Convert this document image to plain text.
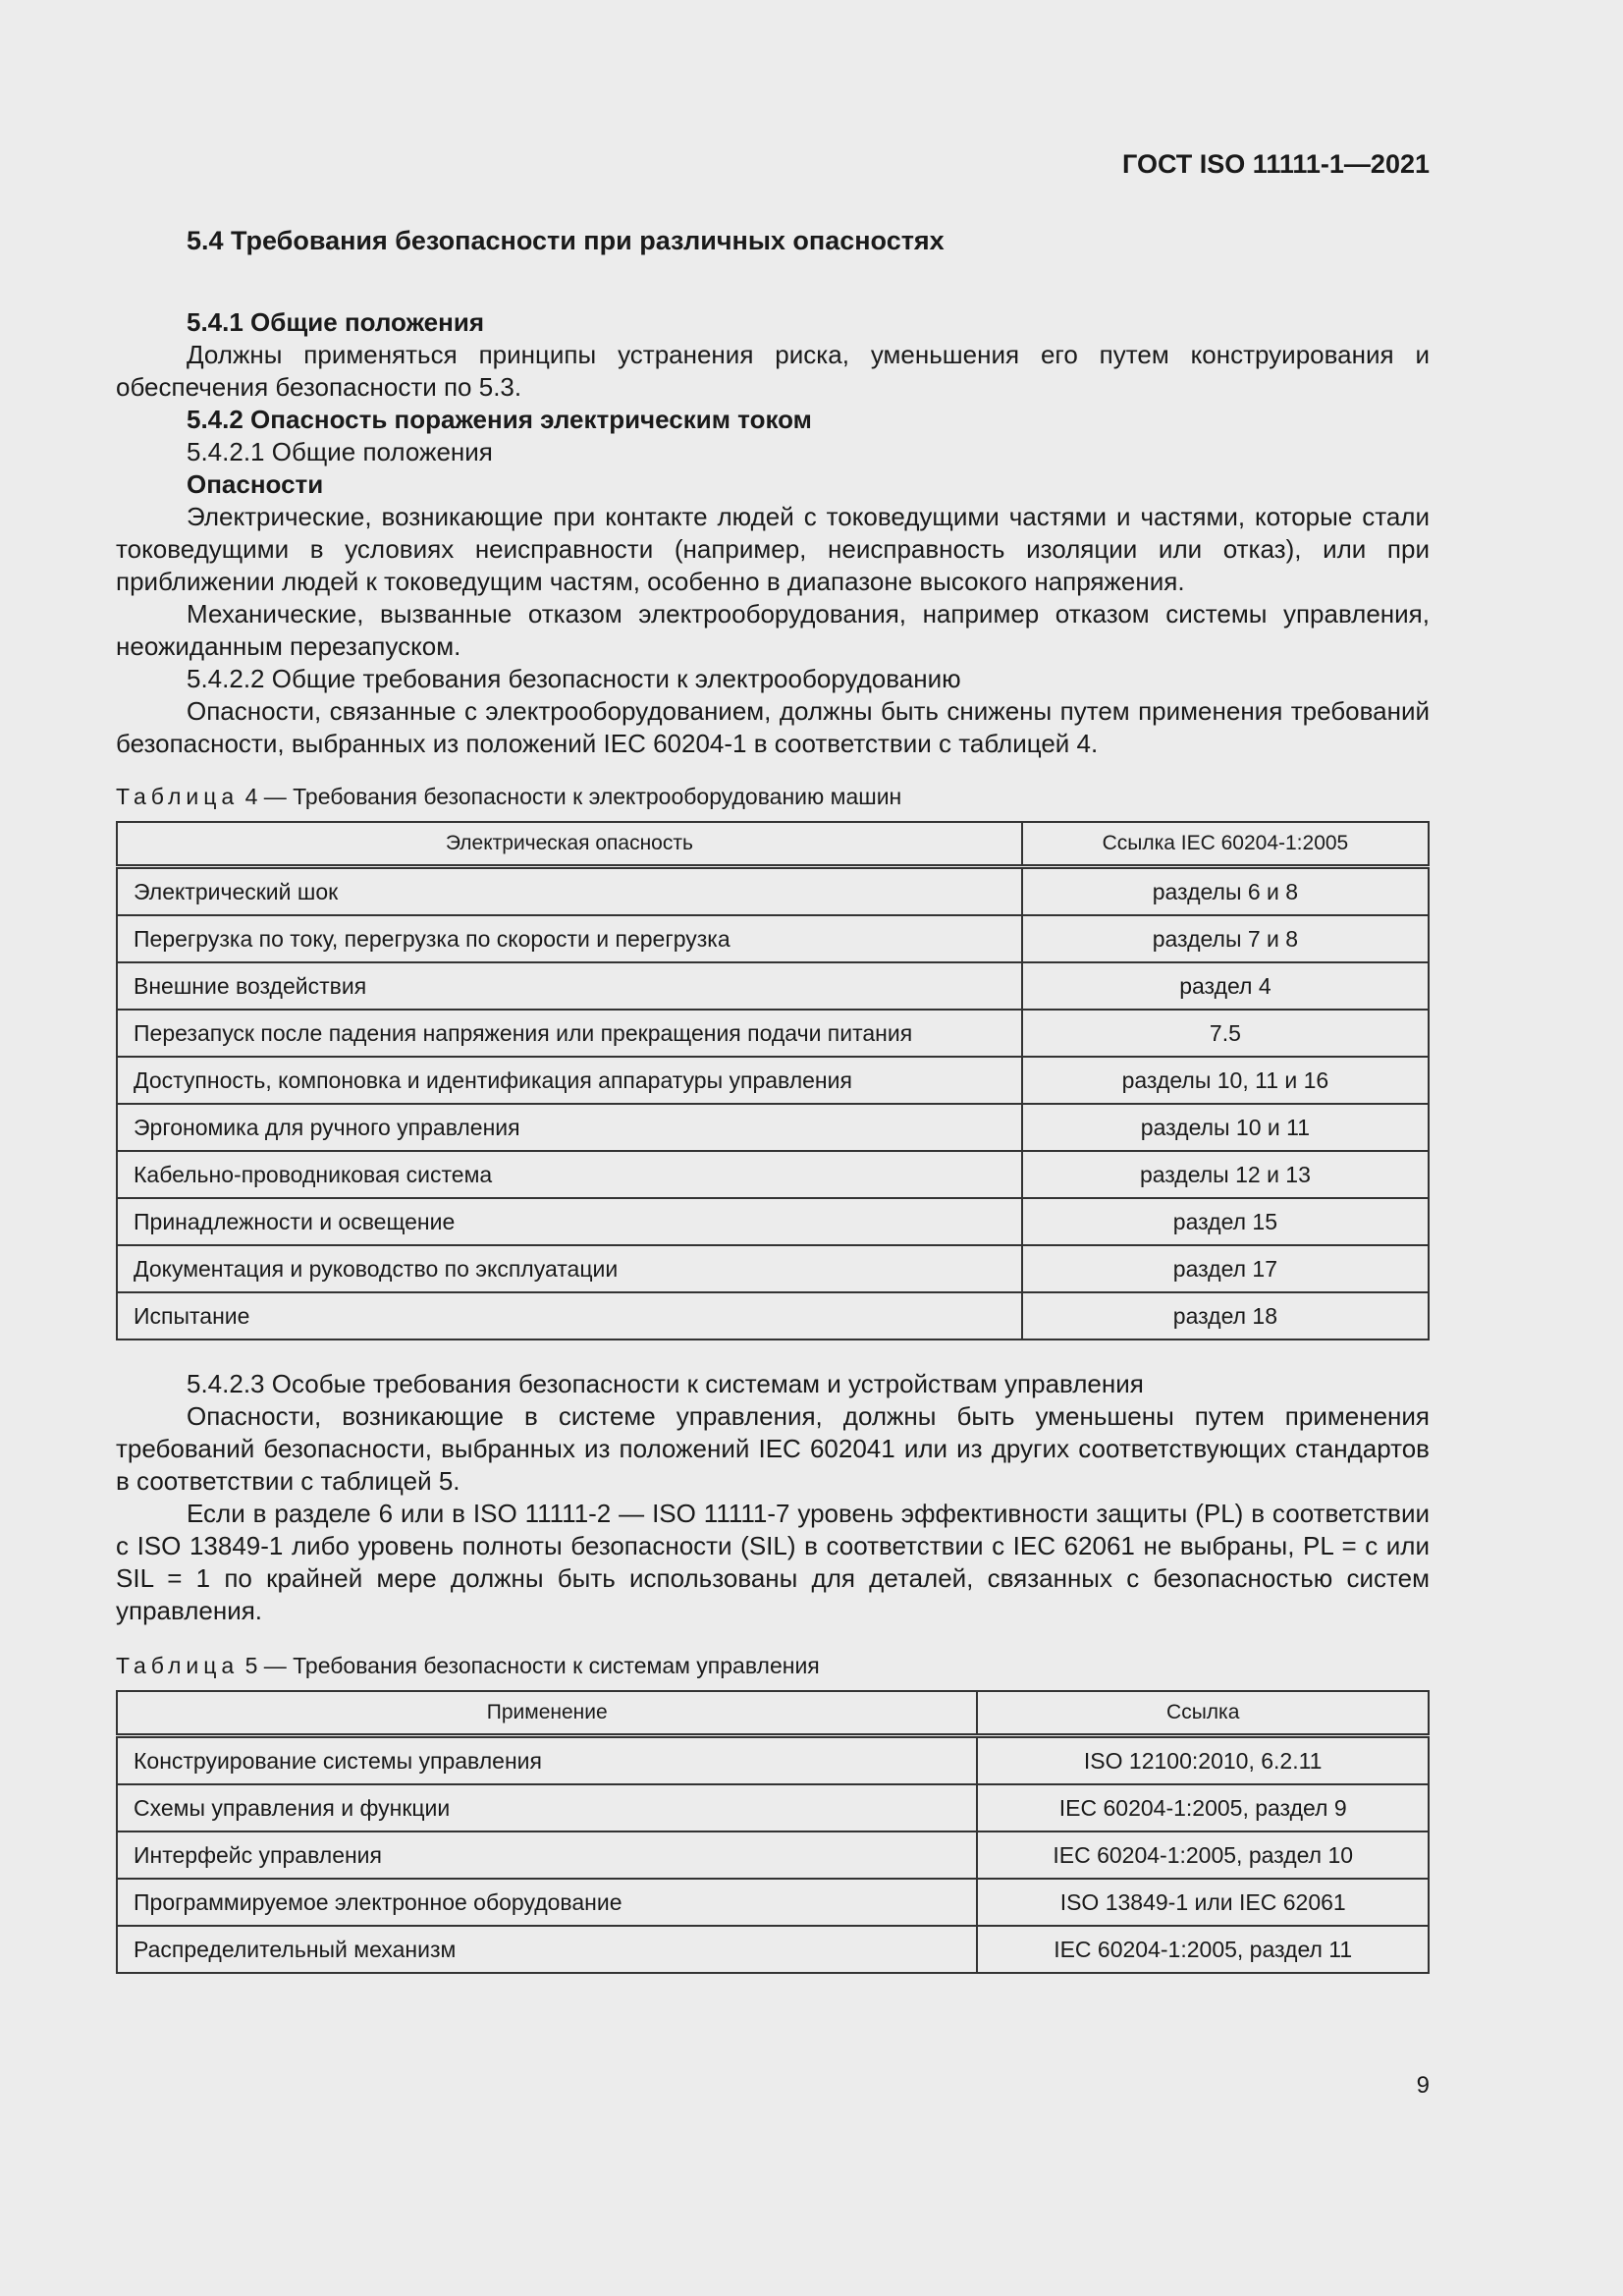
ГОСТ ISO 11111-1—2021
5.4 Требования безопасности при различных опасностях

5.4.1 Общие положения

Должны применяться принципы устранения риска, уменьшения его путем конструирования и обеспечения безопасности по 5.3.

5.4.2 Опасность поражения электрическим током

5.4.2.1 Общие положения

Опасности

Электрические, возникающие при контакте людей с токоведущими частями и частями, которые стали токоведущими в условиях неисправности (например, неисправность изоляции или отказ), или при приближении людей к токоведущим частям, особенно в диапазоне высокого напряжения.

Механические, вызванные отказом электрооборудования, например отказом системы управления, неожиданным перезапуском.

5.4.2.2 Общие требования безопасности к электрооборудованию

Опасности, связанные с электрооборудованием, должны быть снижены путем применения требований безопасности, выбранных из положений IEC 60204-1 в соответствии с таблицей 4.

Таблица 4 — Требования безопасности к электрооборудованию машин

Электрическая опасность	Ссылка IEC 60204-1:2005
Электрический шок	разделы 6 и 8
Перегрузка по току, перегрузка по скорости и перегрузка	разделы 7 и 8
Внешние воздействия	раздел 4
Перезапуск после падения напряжения или прекращения подачи питания	7.5
Доступность, компоновка и идентификация аппаратуры управления	разделы 10, 11 и 16
Эргономика для ручного управления	разделы 10 и 11
Кабельно-проводниковая система	разделы 12 и 13
Принадлежности и освещение	раздел 15
Документация и руководство по эксплуатации	раздел 17
Испытание	раздел 18

5.4.2.3 Особые требования безопасности к системам и устройствам управления

Опасности, возникающие в системе управления, должны быть уменьшены путем применения требований безопасности, выбранных из положений IEC 602041 или из других соответствующих стандартов в соответствии с таблицей 5.

Если в разделе 6 или в ISO 11111-2 — ISO 11111-7 уровень эффективности защиты (PL) в соответствии с ISO 13849-1 либо уровень полноты безопасности (SIL) в соответствии с IEC 62061 не выбраны, PL = c или SIL = 1 по крайней мере должны быть использованы для деталей, связанных с безопасностью систем управления.

Таблица 5 — Требования безопасности к системам управления

Применение	Ссылка
Конструирование системы управления	ISO 12100:2010, 6.2.11
Схемы управления и функции	IEC 60204-1:2005, раздел 9
Интерфейс управления	IEC 60204-1:2005, раздел 10
Программируемое электронное оборудование	ISO 13849-1 или IEC 62061
Распределительный механизм	IEC 60204-1:2005, раздел 11
9
